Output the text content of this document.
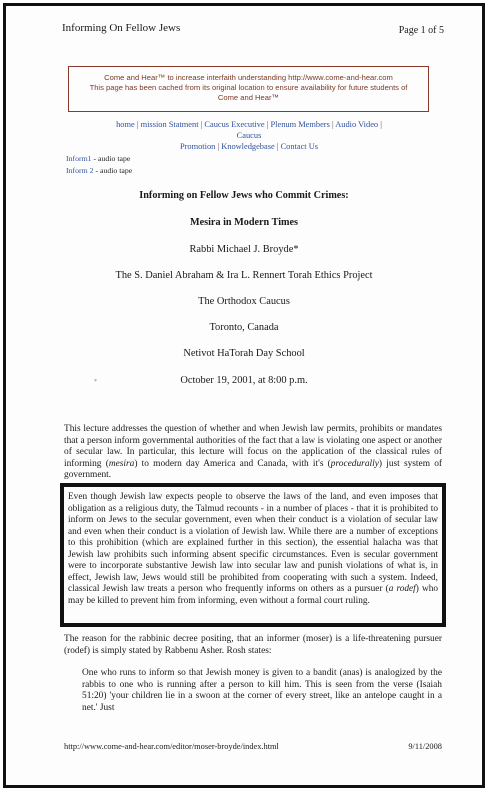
Informing On Fellow Jews	Page 1 of 5
Come and Hear™ to increase interfaith understanding http://www.come-and-hear.com
This page has been cached from its original location to ensure availability for future students of
Come and Hear™
home | mission Statment | Caucus Executive | Plenum Members | Audio Video | Caucus
Promotion | Knowledgebase | Contact Us
Inform1 - audio tape
Inform 2 - audio tape
Informing on Fellow Jews who Commit Crimes:
Mesira in Modern Times
Rabbi Michael J. Broyde*
The S. Daniel Abraham & Ira L. Rennert Torah Ethics Project
The Orthodox Caucus
Toronto, Canada
Netivot HaTorah Day School
October 19, 2001, at 8:00 p.m.
*
This lecture addresses the question of whether and when Jewish law permits, prohibits or mandates that a person inform governmental authorities of the fact that a law is violating one aspect or another of secular law. In particular, this lecture will focus on the application of the classical rules of informing (mesira) to modern day America and Canada, with it's (procedurally) just system of government.
Even though Jewish law expects people to observe the laws of the land, and even imposes that obligation as a religious duty, the Talmud recounts - in a number of places - that it is prohibited to inform on Jews to the secular government, even when their conduct is a violation of secular law and even when their conduct is a violation of Jewish law. While there are a number of exceptions to this prohibition (which are explained further in this section), the essential halacha was that Jewish law prohibits such informing absent specific circumstances. Even is secular government were to incorporate substantive Jewish law into secular law and punish violations of what is, in effect, Jewish law, Jews would still be prohibited from cooperating with such a system. Indeed, classical Jewish law treats a person who frequently informs on others as a pursuer (a rodef) who may be killed to prevent him from informing, even without a formal court ruling.
The reason for the rabbinic decree positing, that an informer (moser) is a life-threatening pursuer (rodef) is simply stated by Rabbenu Asher. Rosh states:
One who runs to inform so that Jewish money is given to a bandit (anas) is analogized by the rabbis to one who is running after a person to kill him. This is seen from the verse (Isaiah 51:20) 'your children lie in a swoon at the corner of every street, like an antelope caught in a net.' Just
http://www.come-and-hear.com/editor/moser-broyde/index.html	9/11/2008
